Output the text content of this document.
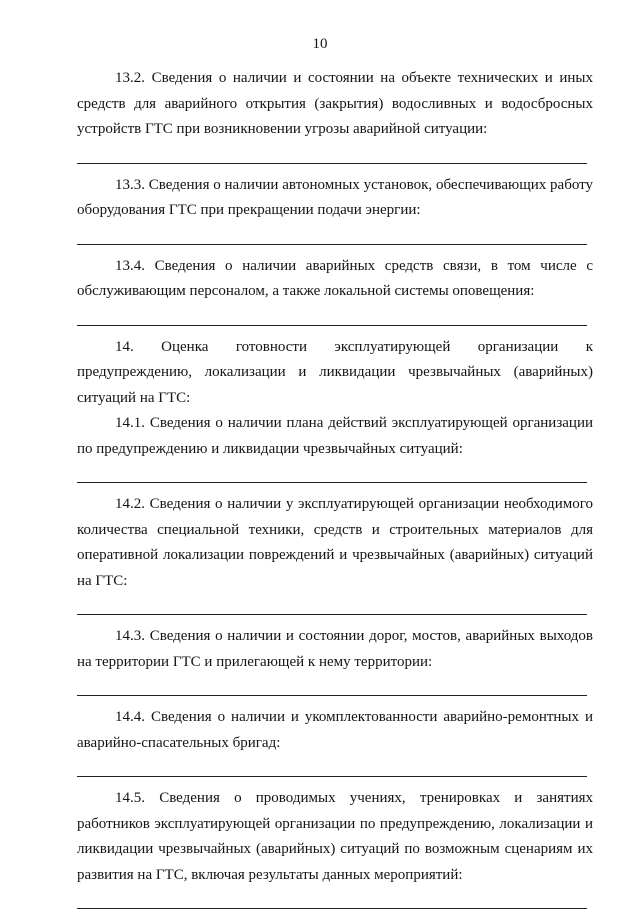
10

13.2. Сведения о наличии и состоянии на объекте технических и иных средств для аварийного открытия (закрытия) водосливных и водосбросных устройств ГТС при возникновении угрозы аварийной ситуации:

13.3. Сведения о наличии автономных установок, обеспечивающих работу оборудования ГТС при прекращении подачи энергии:

13.4. Сведения о наличии аварийных средств связи, в том числе с обслуживающим персоналом, а также локальной системы оповещения:

14. Оценка готовности эксплуатирующей организации к предупреждению, локализации и ликвидации чрезвычайных (аварийных) ситуаций на ГТС:

14.1. Сведения о наличии плана действий эксплуатирующей организации по предупреждению и ликвидации чрезвычайных ситуаций:

14.2. Сведения о наличии у эксплуатирующей организации необходимого количества специальной техники, средств и строительных материалов для оперативной локализации повреждений и чрезвычайных (аварийных) ситуаций на ГТС:

14.3. Сведения о наличии и состоянии дорог, мостов, аварийных выходов на территории ГТС и прилегающей к нему территории:

14.4. Сведения о наличии и укомплектованности аварийно-ремонтных и аварийно-спасательных бригад:

14.5. Сведения о проводимых учениях, тренировках и занятиях работников эксплуатирующей организации по предупреждению, локализации и ликвидации чрезвычайных (аварийных) ситуаций по возможным сценариям их развития на ГТС, включая результаты данных мероприятий:
